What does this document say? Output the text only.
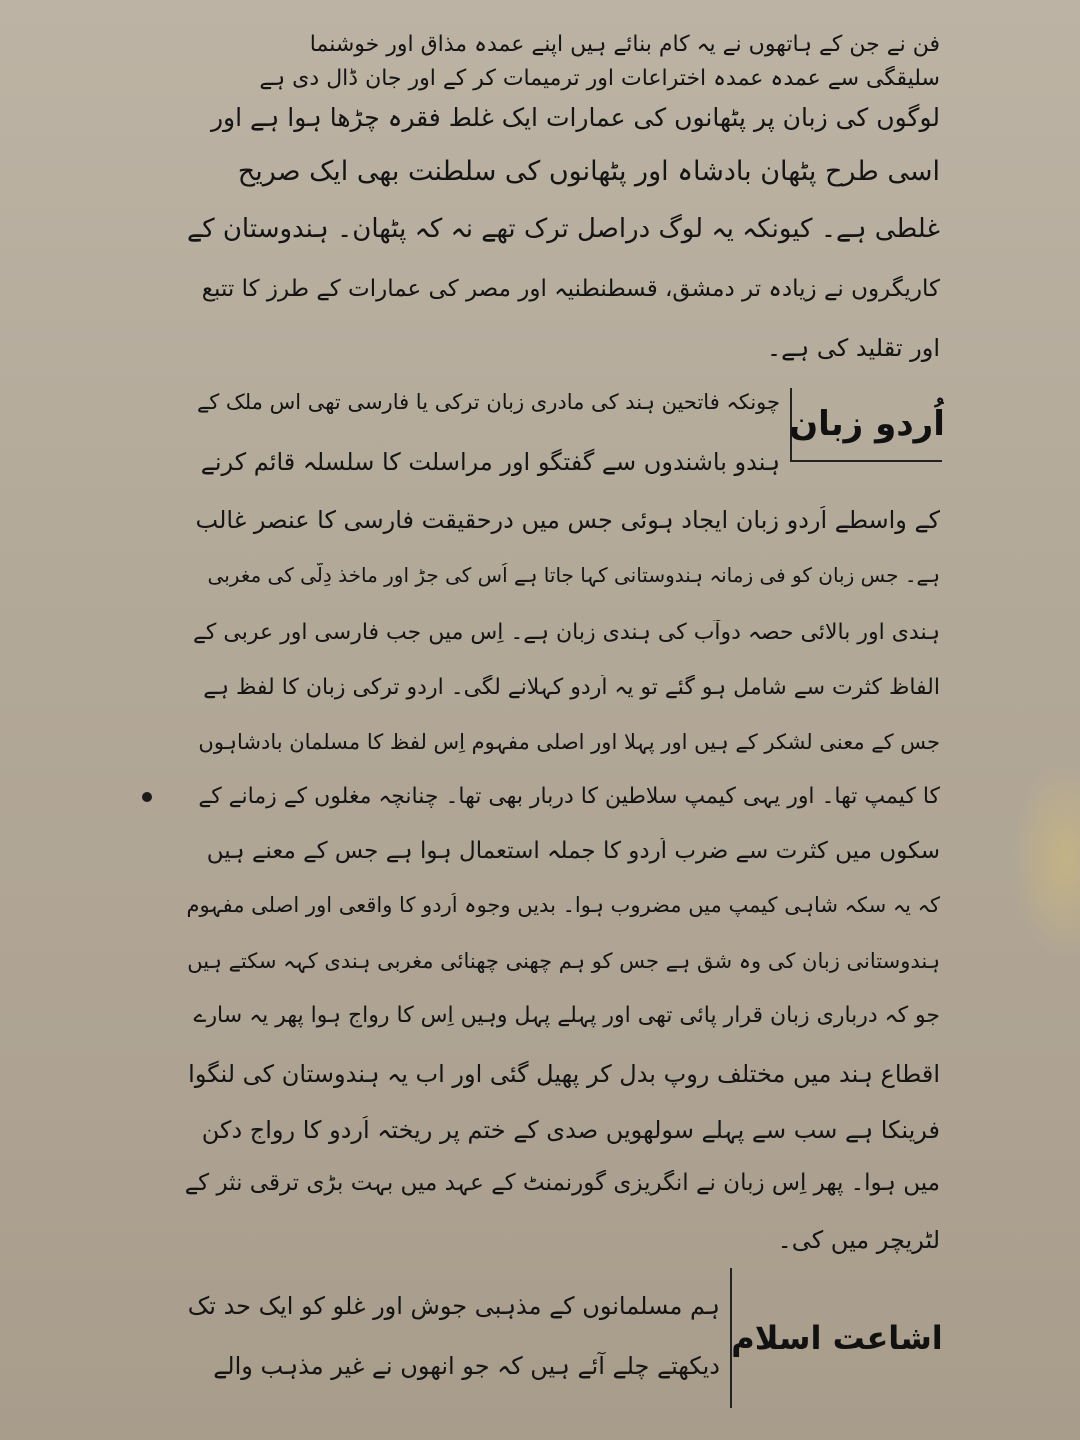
فن نے جن کے ہاتھوں نے یہ کام بنائے ہیں اپنے عمدہ مذاق اور خوشنما
سلیقگی سے عمدہ عمدہ اختراعات اور ترمیمات کر کے اور جان ڈال دی ہے
لوگوں کی زبان پر پٹھانوں کی عمارات ایک غلط فقرہ چڑھا ہوا ہے اور
اسی طرح پٹھان بادشاہ اور پٹھانوں کی سلطنت بھی ایک صریح
غلطی ہے۔ کیونکہ یہ لوگ دراصل ترک تھے نہ کہ پٹھان۔ ہندوستان کے
کاریگروں نے زیادہ تر دمشق، قسطنطنیہ اور مصر کی عمارات کے طرز کا تتبع
اور تقلید کی ہے۔
اُردو زبان
چونکہ فاتحین ہند کی مادری زبان ترکی یا فارسی تھی اس ملک کے
ہندو باشندوں سے گفتگو اور مراسلت کا سلسلہ قائم کرنے
کے واسطے اُردو زبان ایجاد ہوئی جس میں درحقیقت فارسی کا عنصر غالب
ہے۔ جس زبان کو فی زمانہ ہندوستانی کہا جاتا ہے اُس کی جڑ اور ماخذ دِلّی کی مغربی
ہندی اور بالائی حصہ دوآب کی ہندی زبان ہے۔ اِس میں جب فارسی اور عربی کے
الفاظ کثرت سے شامل ہو گئے تو یہ اُردو کہلانے لگی۔ اردو ترکی زبان کا لفظ ہے
جس کے معنی لشکر کے ہیں اور پہلا اور اصلی مفہوم اِس لفظ کا مسلمان بادشاہوں
کا کیمپ تھا۔ اور یہی کیمپ سلاطین کا دربار بھی تھا۔ چنانچہ مغلوں کے زمانے کے
سکوں میں کثرت سے ضرب اُردو کا جملہ استعمال ہوا ہے جس کے معنے ہیں
کہ یہ سکہ شاہی کیمپ میں مضروب ہوا۔ بدیں وجوہ اُردو کا واقعی اور اصلی مفہوم
ہندوستانی زبان کی وہ شق ہے جس کو ہم چھنی چھنائی مغربی ہندی کہہ سکتے ہیں
جو کہ درباری زبان قرار پائی تھی اور پہلے پہل وہیں اِس کا رواج ہوا پھر یہ سارے
اقطاع ہند میں مختلف روپ بدل کر پھیل گئی اور اب یہ ہندوستان کی لنگوا
فرینکا ہے سب سے پہلے سولھویں صدی کے ختم پر ریختہ اُردو کا رواج دکن
میں ہوا۔ پھر اِس زبان نے انگریزی گورنمنٹ کے عہد میں بہت بڑی ترقی نثر کے
لٹریچر میں کی۔
اشاعت اسلام
ہم مسلمانوں کے مذہبی جوش اور غلو کو ایک حد تک
دیکھتے چلے آئے ہیں کہ جو انھوں نے غیر مذہب والے
